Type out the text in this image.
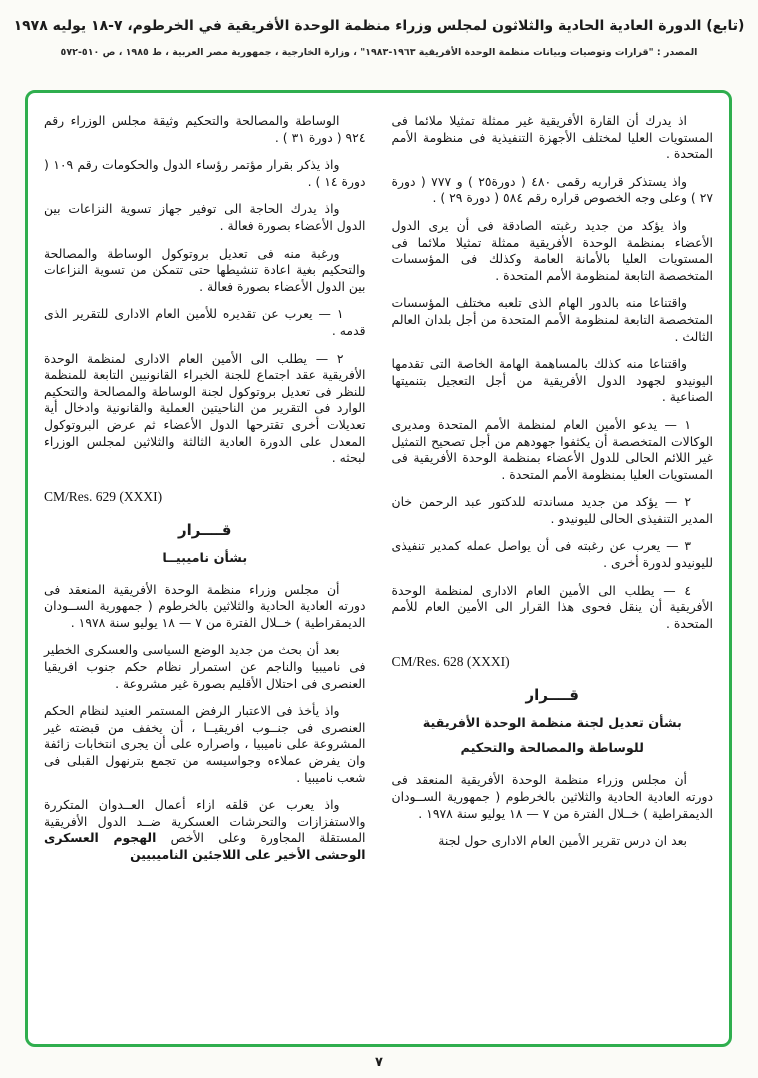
(تابع) الدورة العادية الحادية والثلاثون لمجلس وزراء منظمة الوحدة الأفريقية في الخرطوم، ٧-١٨ يوليه ١٩٧٨
المصدر : "قرارات وتوصيات وبيانات منظمة الوحدة الأفريقية ١٩٦٣-١٩٨٣" ، وزارة الخارجية ، جمهورية مصر العربية ، ط ١٩٨٥ ، ص ٥١٠-٥٧٢

اذ يدرك أن القارة الأفريقية غير ممثلة تمثيلا ملائما فى المستويات العليا لمختلف الأجهزة التنفيذية فى منظومة الأمم المتحدة .

واذ يستذكر قراريه رقمى ٤٨٠ ( دورة٢٥ ) و ٧٧٧ ( دورة ٢٧ ) وعلى وجه الخصوص قراره رقم ٥٨٤ ( دورة ٢٩ ) .

واذ يؤكد من جديد رغبته الصادقة فى أن يرى الدول الأعضاء بمنظمة الوحدة الأفريقية ممثلة تمثيلا ملائما فى المستويات العليا بالأمانة العامة وكذلك فى المؤسسات المتخصصة التابعة لمنظومة الأمم المتحدة .

واقتناعا منه بالدور الهام الذى تلعبه مختلف المؤسسات المتخصصة التابعة لمنظومة الأمم المتحدة من أجل بلدان العالم الثالث .

واقتناعا منه كذلك بالمساهمة الهامة الخاصة التى تقدمها اليونيدو لجهود الدول الأفريقية من أجل التعجيل بتنميتها الصناعية .

١ — يدعو الأمين العام لمنظمة الأمم المتحدة ومديرى الوكالات المتخصصة أن يكثفوا جهودهم من أجل تصحيح التمثيل غير اللائم الحالى للدول الأعضاء بمنظمة الوحدة الأفريقية فى المستويات العليا بمنظومة الأمم المتحدة .

٢ — يؤكد من جديد مساندته للدكتور عبد الرحمن خان المدير التنفيذى الحالى لليونيدو .

٣ — يعرب عن رغبته فى أن يواصل عمله كمدير تنفيذى لليونيدو لدورة أخرى .

٤ — يطلب الى الأمين العام الادارى لمنظمة الوحدة الأفريقية أن ينقل فحوى هذا القرار الى الأمين العام للأمم المتحدة .

CM/Res. 628 (XXXI)

قــــرار

بشأن تعديل لجنة منظمة الوحدة الأفريقية

للوساطة والمصالحة والتحكيم

أن مجلس وزراء منظمة الوحدة الأفريقية المنعقد فى دورته العادية الحادية والثلاثين بالخرطوم ( جمهورية الســودان الديمقراطية ) خــلال الفترة من ٧ — ١٨ يوليو سنة ١٩٧٨ .

بعد ان درس تقرير الأمين العام الادارى حول لجنة

الوساطة والمصالحة والتحكيم وثيقة مجلس الوزراء رقم ٩٢٤ ( دورة ٣١ ) .

واذ يذكر بقرار مؤتمر رؤساء الدول والحكومات رقم ١٠٩ ( دورة ١٤ ) .

واذ يدرك الحاجة الى توفير جهاز تسوية النزاعات بين الدول الأعضاء بصورة فعالة .

ورغبة منه فى تعديل بروتوكول الوساطة والمصالحة والتحكيم بغية اعادة تنشيطها حتى تتمكن من تسوية النزاعات بين الدول الأعضاء بصورة فعالة .

١ — يعرب عن تقديره للأمين العام الادارى للتقرير الذى قدمه .

٢ — يطلب الى الأمين العام الادارى لمنظمة الوحدة الأفريقية عقد اجتماع للجنة الخبراء القانونيين التابعة للمنظمة للنظر فى تعديل بروتوكول لجنة الوساطة والمصالحة والتحكيم الوارد فى التقرير من الناحيتين العملية والقانونية وادخال أية تعديلات أخرى تقترحها الدول الأعضاء ثم عرض البروتوكول المعدل على الدورة العادية الثالثة والثلاثين لمجلس الوزراء لبحثه .

CM/Res. 629 (XXXI)

قــــرار

بشأن ناميبيــا

أن مجلس وزراء منظمة الوحدة الأفريقية المنعقد فى دورته العادية الحادية والثلاثين بالخرطوم ( جمهورية الســودان الديمقراطية ) خــلال الفترة من ٧ — ١٨ يوليو سنة ١٩٧٨ .

بعد أن بحث من جديد الوضع السياسى والعسكرى الخطير فى ناميبيا والناجم عن استمرار نظام حكم جنوب افريقيا العنصرى فى احتلال الأقليم بصورة غير مشروعة .

واذ يأخذ فى الاعتبار الرفض المستمر العنيد لنظام الحكم العنصرى فى جنــوب افريقيــا ، أن يخفف من قبضته غير المشروعة على ناميبيا ، واصراره على أن يجرى انتخابات زائفة وان يفرض عملاءه وجواسيسه من تجمع بترنهول القبلى فى شعب ناميبيا .

واذ يعرب عن قلقه ازاء أعمال العــدوان المتكررة والاستفزازات والتحرشات العسكرية ضــد الدول الأفريقية المستقلة المجاورة وعلى الأخص الهجوم العسكرى الوحشى الأخير على اللاجئين الناميبيين

٧
